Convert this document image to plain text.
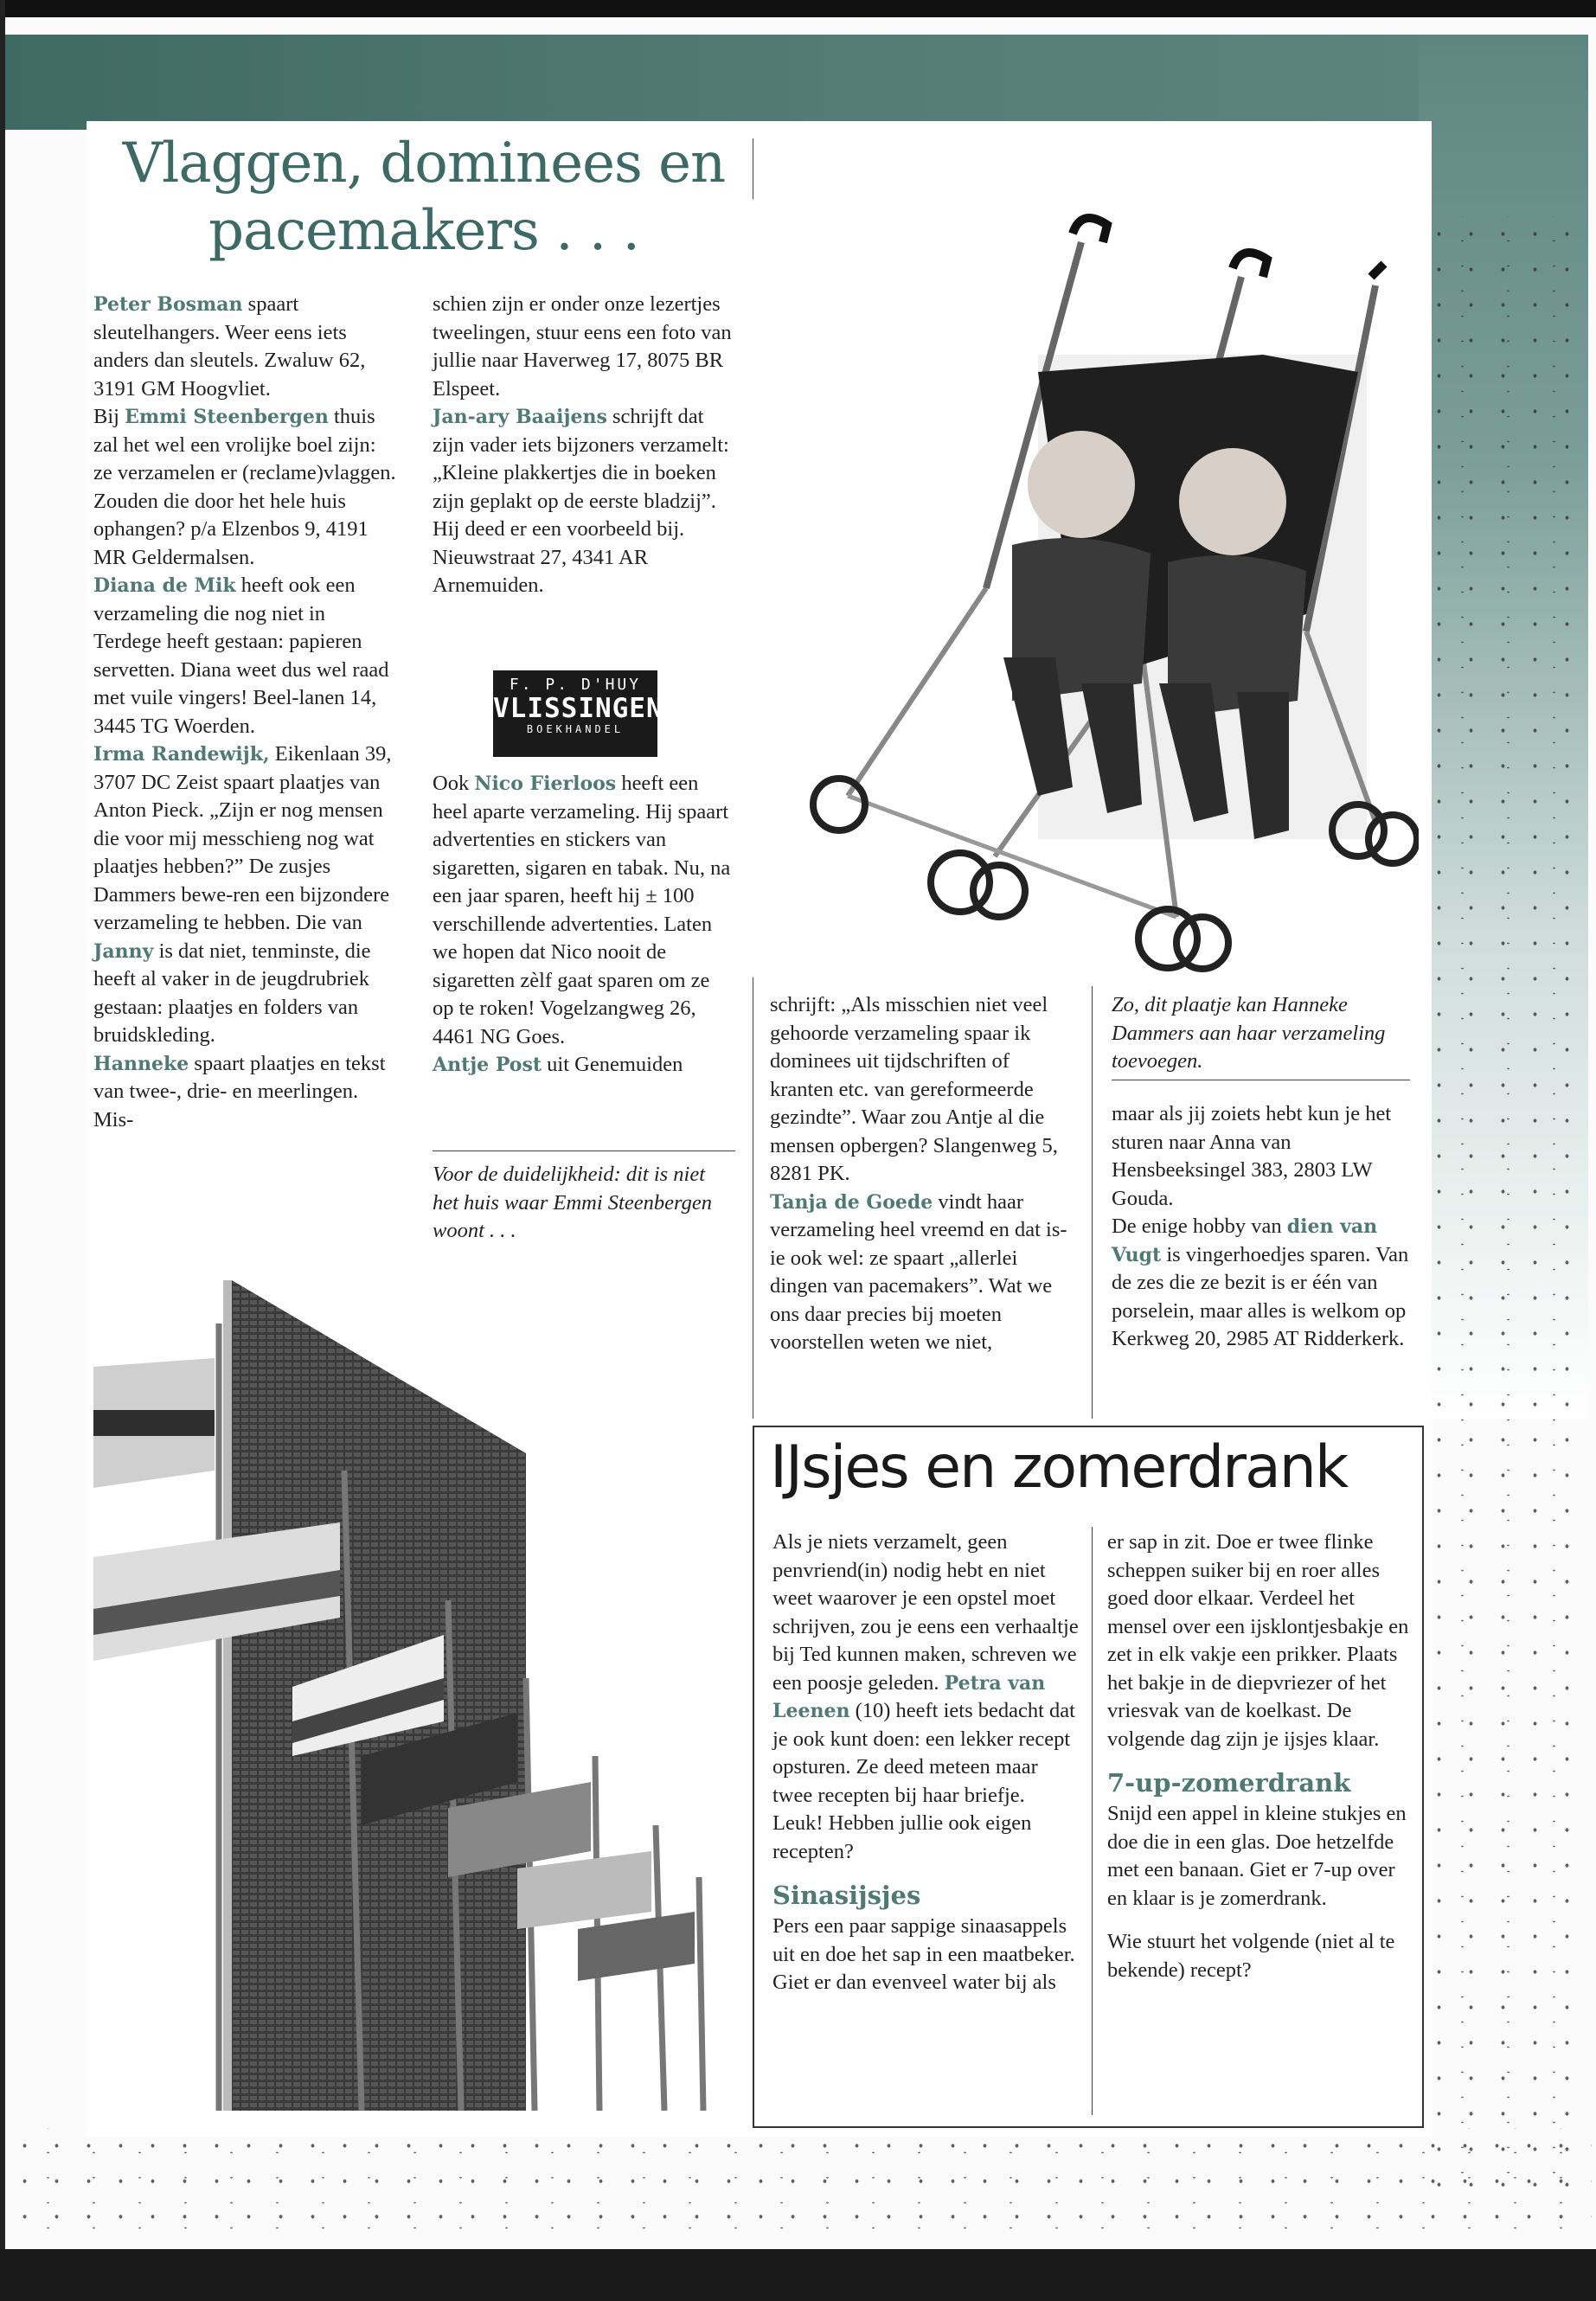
Vlaggen, dominees en pacemakers . . .

Peter Bosman spaart sleutelhangers. Weer eens iets anders dan sleutels. Zwaluw 62, 3191 GM Hoogvliet.

Bij Emmi Steenbergen thuis zal het wel een vrolijke boel zijn: ze verzamelen er (reclame)vlaggen. Zouden die door het hele huis ophangen? p/a Elzenbos 9, 4191 MR Geldermalsen.

Diana de Mik heeft ook een verzameling die nog niet in Terdege heeft gestaan: papieren servetten. Diana weet dus wel raad met vuile vingers! Beel-lanen 14, 3445 TG Woerden.

Irma Randewijk, Eikenlaan 39, 3707 DC Zeist spaart plaatjes van Anton Pieck. „Zijn er nog mensen die voor mij messchieng nog wat plaatjes hebben?” De zusjes Dammers bewe-ren een bijzondere verzameling te hebben. Die van

Janny is dat niet, tenminste, die heeft al vaker in de jeugdrubriek gestaan: plaatjes en folders van bruidskleding.

Hanneke spaart plaatjes en tekst van twee-, drie- en meerlingen. Mis-

schien zijn er onder onze lezertjes tweelingen, stuur eens een foto van jullie naar Haverweg 17, 8075 BR Elspeet.

Jan-ary Baaijens schrijft dat zijn vader iets bijzoners verzamelt: „Kleine plakkertjes die in boeken zijn geplakt op de eerste bladzij”. Hij deed er een voorbeeld bij. Nieuwstraat 27, 4341 AR Arnemuiden.

F. P. D'HUY
VLISSINGEN
BOEKHANDEL

Ook Nico Fierloos heeft een heel aparte verzameling. Hij spaart advertenties en stickers van sigaretten, sigaren en tabak. Nu, na een jaar sparen, heeft hij ± 100 verschillende advertenties. Laten we hopen dat Nico nooit de sigaretten zèlf gaat sparen om ze op te roken! Vogelzangweg 26, 4461 NG Goes.

Antje Post uit Genemuiden

Voor de duidelijkheid: dit is niet het huis waar Emmi Steenbergen woont . . .

schrijft: „Als misschien niet veel gehoorde verzameling spaar ik dominees uit tijdschriften of kranten etc. van gereformeerde gezindte”. Waar zou Antje al die mensen opbergen? Slangenweg 5, 8281 PK.

Tanja de Goede vindt haar verzameling heel vreemd en dat is-ie ook wel: ze spaart „allerlei dingen van pacemakers”. Wat we ons daar precies bij moeten voorstellen weten we niet,

Zo, dit plaatje kan Hanneke Dammers aan haar verzameling toevoegen.

maar als jij zoiets hebt kun je het sturen naar Anna van Hensbeeksingel 383, 2803 LW Gouda.

De enige hobby van dien van Vugt is vingerhoedjes sparen. Van de zes die ze bezit is er één van porselein, maar alles is welkom op Kerkweg 20, 2985 AT Ridderkerk.

IJsjes en zomerdrank

Als je niets verzamelt, geen penvriend(in) nodig hebt en niet weet waarover je een opstel moet schrijven, zou je eens een verhaaltje bij Ted kunnen maken, schreven we een poosje geleden. Petra van Leenen (10) heeft iets bedacht dat je ook kunt doen: een lekker recept opsturen. Ze deed meteen maar twee recepten bij haar briefje. Leuk! Hebben jullie ook eigen recepten?

Sinasijsjes

Pers een paar sappige sinaasappels uit en doe het sap in een maatbeker. Giet er dan evenveel water bij als

er sap in zit. Doe er twee flinke scheppen suiker bij en roer alles goed door elkaar. Verdeel het mensel over een ijsklontjesbakje en zet in elk vakje een prikker. Plaats het bakje in de diepvriezer of het vriesvak van de koelkast. De volgende dag zijn je ijsjes klaar.

7-up-zomerdrank

Snijd een appel in kleine stukjes en doe die in een glas. Doe hetzelfde met een banaan. Giet er 7-up over en klaar is je zomerdrank.

Wie stuurt het volgende (niet al te bekende) recept?
